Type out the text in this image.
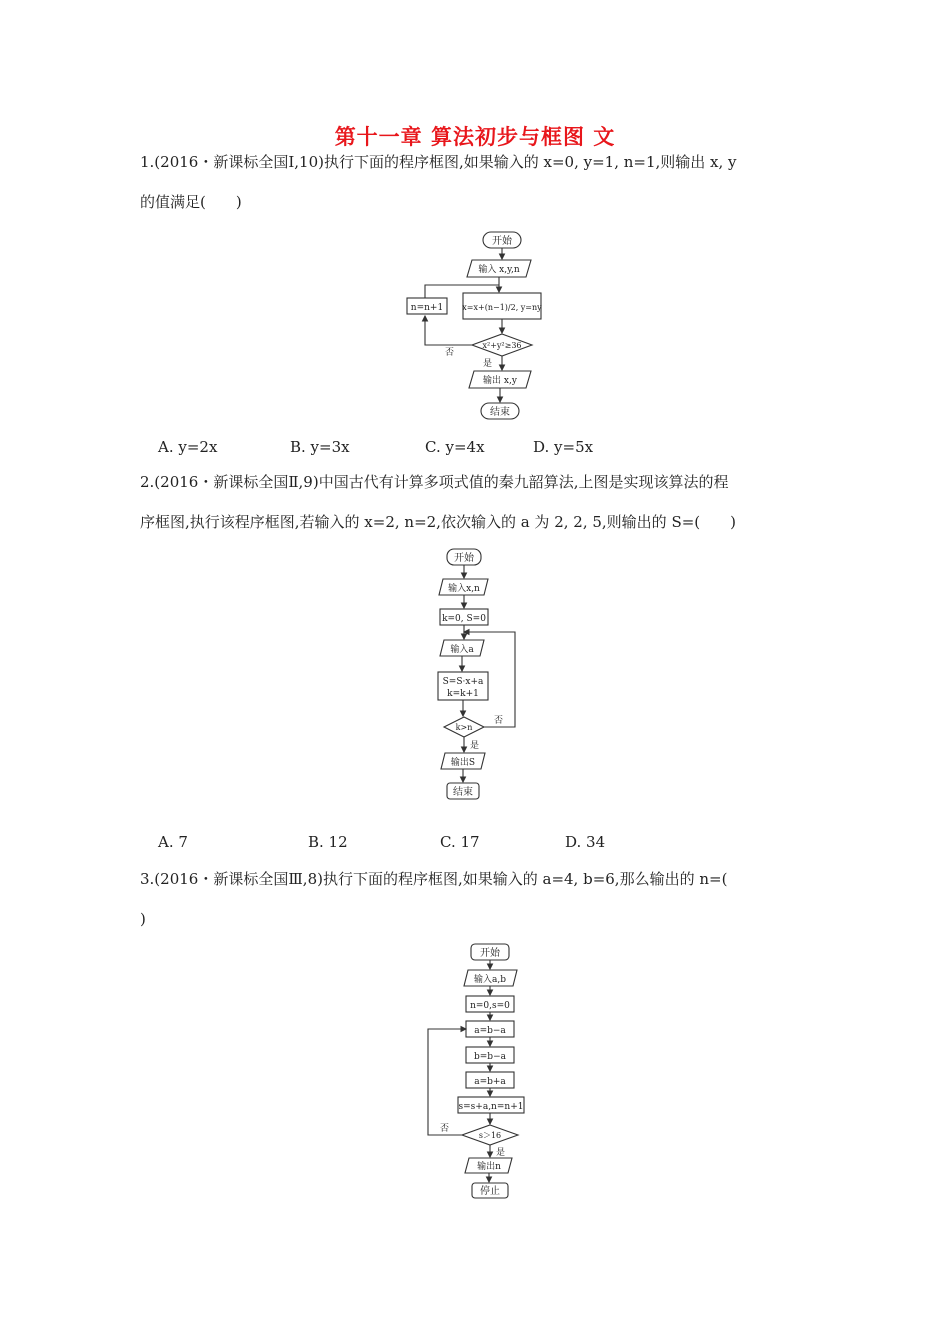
第十一章 算法初步与框图 文
1.(2016・新课标全国Ⅰ,10)执行下面的程序框图,如果输入的 x=0, y=1, n=1,则输出 x, y
的值满足(　　)
开始
输入 x,y,n
n=n+1 x=x+(n−1)/2, y=ny
x²+y²≥36
否
是
输出 x,y
结束
A. y=2x	B. y=3x	C. y=4x	D. y=5x
2.(2016・新课标全国Ⅱ,9)中国古代有计算多项式值的秦九韶算法,上图是实现该算法的程
序框图,执行该程序框图,若输入的 x=2, n=2,依次输入的 a 为 2, 2, 5,则输出的 S=(　　)
开始
输入x,n
k=0, S=0
输入a
S=S·x+a
k=k+1
k>n
否
是
输出S
结束
A. 7	B. 12	C. 17	D. 34
3.(2016・新课标全国Ⅲ,8)执行下面的程序框图,如果输入的 a=4, b=6,那么输出的 n=(
)
开始
输入a,b
n=0,s=0
a=b−a
b=b−a
a=b+a
s=s+a,n=n+1
s＞16
否
是
输出n
停止
